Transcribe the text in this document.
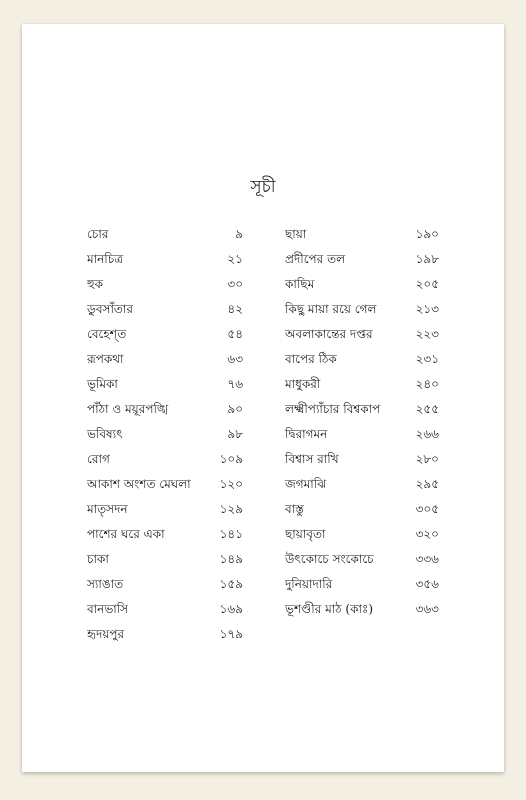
সূচী
চোর	৯
মানচিত্র	২১
হুক	৩০
ডুবসাঁতার	৪২
বেহেশ্‌ত	৫৪
রূপকথা	৬৩
ভূমিকা	৭৬
পাঁঠা ও ময়ূরপঙ্খি	৯০
ভবিষ্যৎ	৯৮
রোগ	১০৯
আকাশ অংশত মেঘলা ১২০
মাতৃসদন	১২৯
পাশের ঘরে একা	১৪১
চাকা	১৪৯
স্যাঙাত	১৫৯
বানভাসি	১৬৯
হৃদয়পুর	১৭৯
ছায়া	১৯০
প্রদীপের তল	১৯৮
কাছিম	২০৫
কিছু মায়া রয়ে গেল	২১৩
অবলাকান্তের দপ্তর	২২৩
বাপের ঠিক	২৩১
মাধুকরী	২৪০
লক্ষ্মীপ্যাঁচার বিশ্বকাপ	২৫৫
দ্বিরাগমন	২৬৬
বিশ্বাস রাখি	২৮০
জগমাঝি	২৯৫
বাস্তু	৩০৫
ছায়াবৃতা	৩২০
উৎকোচে সংকোচে	৩৩৬
দুনিয়াদারি	৩৫৬
ভূশণ্ডীর মাঠ (কাঃ)	৩৬৩
